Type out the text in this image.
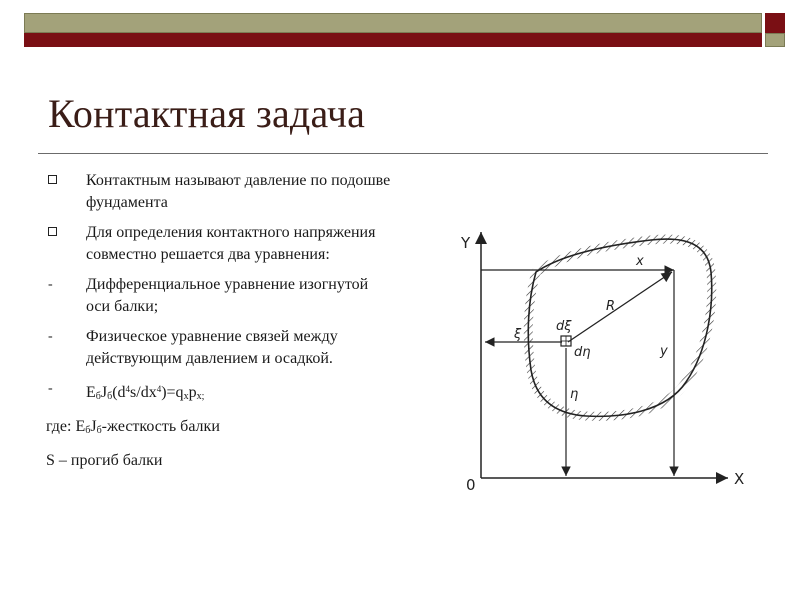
Контактная задача
Контактным называют давление по подошве фундамента
Для определения контактного напряжения совместно решается два уравнения:
-	Дифференциальное уравнение изогнутой оси балки;
-	Физическое уравнение связей между действующим давлением и осадкой.
-	$E_бJ_б(d^4s/dx^4)=q_xp_{x;}$
где: $E_бJ_б$-жесткость балки
S – прогиб балки
Y
X
0
x
y
R
ξ
η
dξ
dη
